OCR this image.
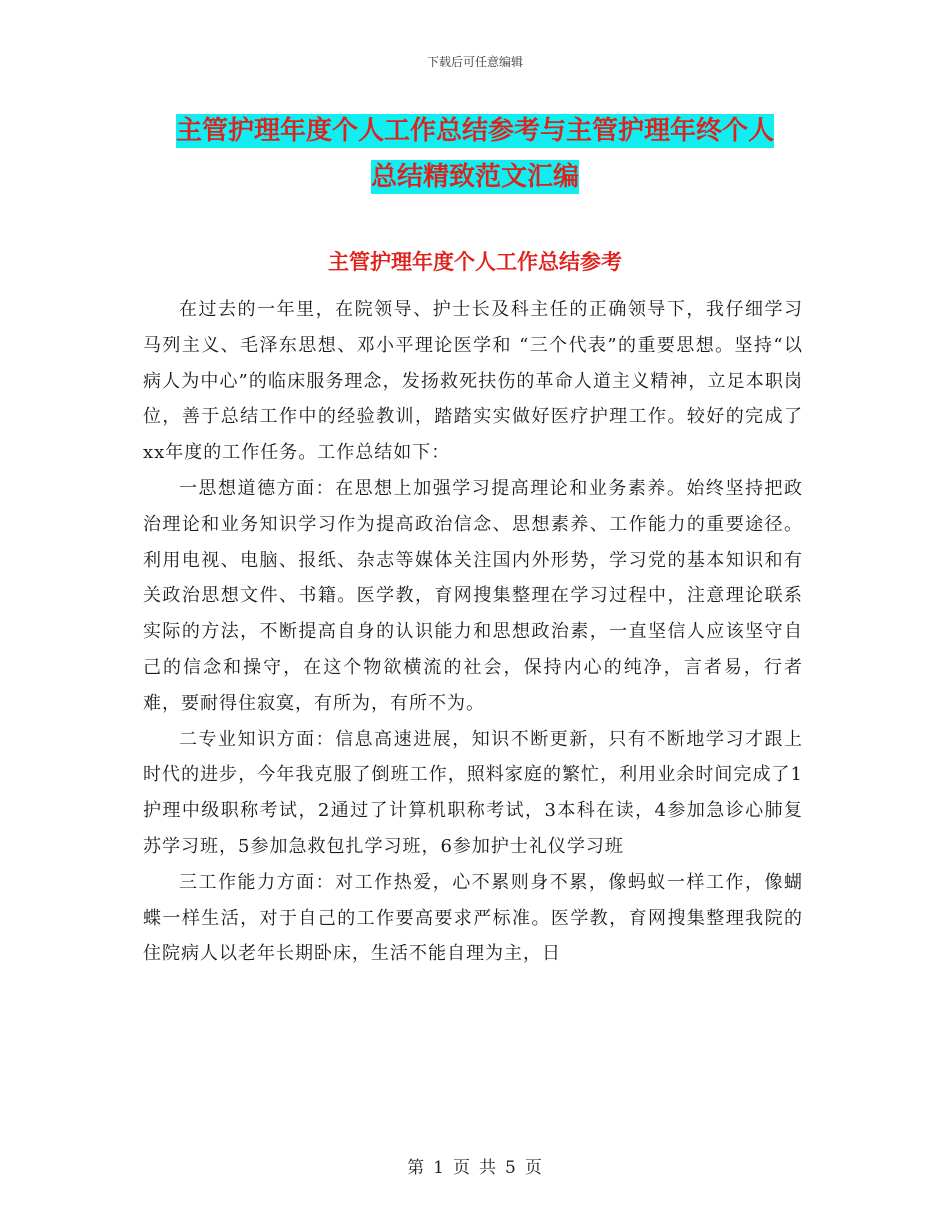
下载后可任意编辑
主管护理年度个人工作总结参考与主管护理年终个人
总结精致范文汇编
主管护理年度个人工作总结参考

在过去的一年里，在院领导、护士长及科主任的正确领导下，我仔细学习马列主义、毛泽东思想、邓小平理论医学和 “三个代表”的重要思想。坚持“以病人为中心”的临床服务理念，发扬救死扶伤的革命人道主义精神，立足本职岗位，善于总结工作中的经验教训，踏踏实实做好医疗护理工作。较好的完成了xx年度的工作任务。工作总结如下：

一思想道德方面：在思想上加强学习提高理论和业务素养。始终坚持把政治理论和业务知识学习作为提高政治信念、思想素养、工作能力的重要途径。利用电视、电脑、报纸、杂志等媒体关注国内外形势，学习党的基本知识和有关政治思想文件、书籍。医学教，育网搜集整理在学习过程中，注意理论联系实际的方法，不断提高自身的认识能力和思想政治素，一直坚信人应该坚守自己的信念和操守，在这个物欲横流的社会，保持内心的纯净，言者易，行者难，要耐得住寂寞，有所为，有所不为。

二专业知识方面：信息高速进展，知识不断更新，只有不断地学习才跟上时代的进步，今年我克服了倒班工作，照料家庭的繁忙，利用业余时间完成了1护理中级职称考试，2通过了计算机职称考试，3本科在读，4参加急诊心肺复苏学习班，5参加急救包扎学习班，6参加护士礼仪学习班

三工作能力方面：对工作热爱，心不累则身不累，像蚂蚁一样工作，像蝴蝶一样生活，对于自己的工作要高要求严标准。医学教，育网搜集整理我院的住院病人以老年长期卧床，生活不能自理为主，日

第 1 页 共 5 页
